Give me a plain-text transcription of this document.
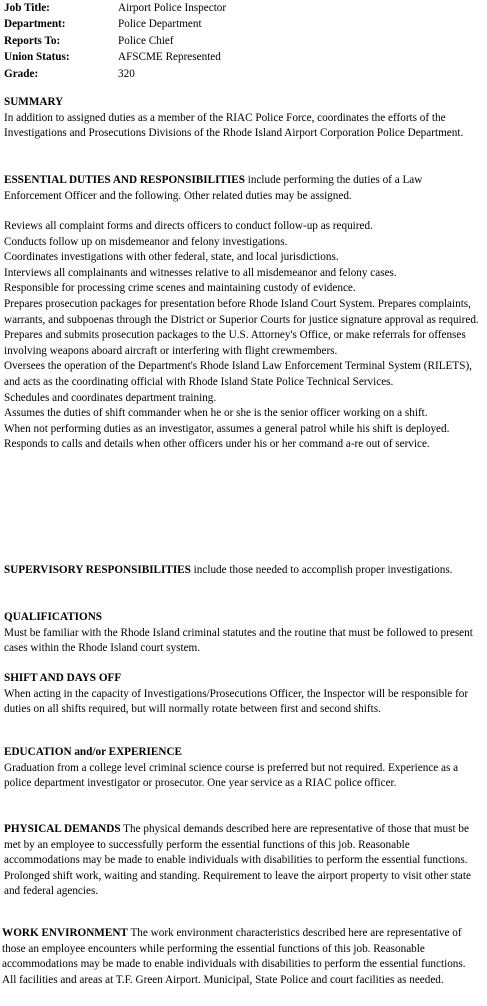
Job Title:	Airport Police Inspector
Department:	Police Department
Reports To:	Police Chief
Union Status:	AFSCME Represented
Grade:	320

SUMMARY

In addition to assigned duties as a member of the RIAC Police Force, coordinates the efforts of the Investigations and Prosecutions Divisions of the Rhode Island Airport Corporation Police Department.

ESSENTIAL DUTIES AND RESPONSIBILITIES include performing the duties of a Law Enforcement Officer and the following. Other related duties may be assigned.

Reviews all complaint forms and directs officers to conduct follow-up as required.

Conducts follow up on misdemeanor and felony investigations.

Coordinates investigations with other federal, state, and local jurisdictions.

Interviews all complainants and witnesses relative to all misdemeanor and felony cases.

Responsible for processing crime scenes and maintaining custody of evidence.

Prepares prosecution packages for presentation before Rhode Island Court System. Prepares complaints, warrants, and subpoenas through the District or Superior Courts for justice signature approval as required.

Prepares and submits prosecution packages to the U.S. Attorney's Office, or make referrals for offenses involving weapons aboard aircraft or interfering with flight crewmembers.

Oversees the operation of the Department's Rhode Island Law Enforcement Terminal System (RILETS), and acts as the coordinating official with Rhode Island State Police Technical Services.

Schedules and coordinates department training.

Assumes the duties of shift commander when he or she is the senior officer working on a shift.

When not performing duties as an investigator, assumes a general patrol while his shift is deployed.

Responds to calls and details when other officers under his or her command a-re out of service.

SUPERVISORY RESPONSIBILITIES include those needed to accomplish proper investigations.

QUALIFICATIONS

Must be familiar with the Rhode Island criminal statutes and the routine that must be followed to present cases within the Rhode Island court system.

SHIFT AND DAYS OFF

When acting in the capacity of Investigations/Prosecutions Officer, the Inspector will be responsible for duties on all shifts required, but will normally rotate between first and second shifts.

EDUCATION and/or EXPERIENCE

Graduation from a college level criminal science course is preferred but not required. Experience as a police department investigator or prosecutor. One year service as a RIAC police officer.

PHYSICAL DEMANDS The physical demands described here are representative of those that must be met by an employee to successfully perform the essential functions of this job. Reasonable accommodations may be made to enable individuals with disabilities to perform the essential functions. Prolonged shift work, waiting and standing. Requirement to leave the airport property to visit other state and federal agencies.

WORK ENVIRONMENT The work environment characteristics described here are representative of those an employee encounters while performing the essential functions of this job. Reasonable accommodations may be made to enable individuals with disabilities to perform the essential functions. All facilities and areas at T.F. Green Airport. Municipal, State Police and court facilities as needed.
